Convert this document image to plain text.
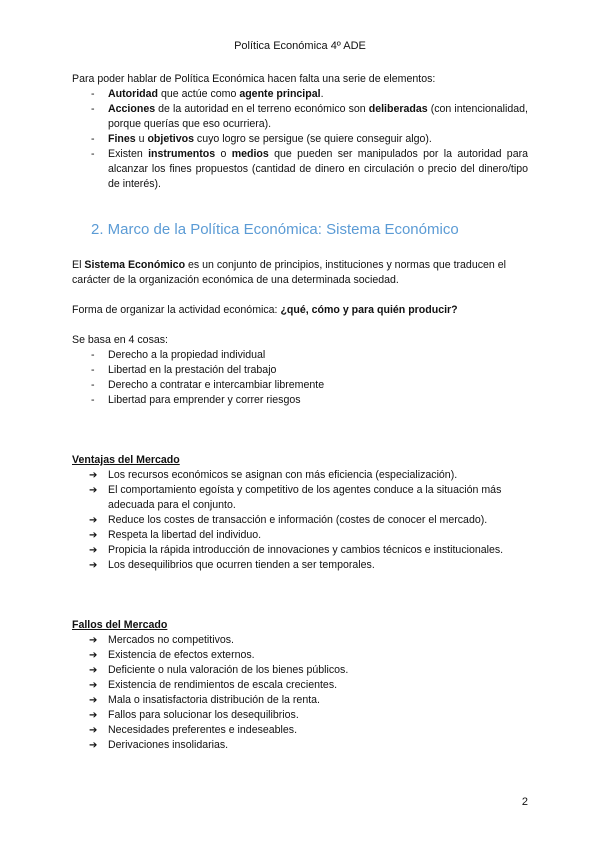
Política Económica 4º ADE

Para poder hablar de Política Económica hacen falta una serie de elementos:

- Autoridad que actúe como agente principal.
- Acciones de la autoridad en el terreno económico son deliberadas (con intencionalidad, porque querías que eso ocurriera).
- Fines u objetivos cuyo logro se persigue (se quiere conseguir algo).
- Existen instrumentos o medios que pueden ser manipulados por la autoridad para alcanzar los fines propuestos (cantidad de dinero en circulación o precio del dinero/tipo de interés).
2. Marco de la Política Económica: Sistema Económico

El Sistema Económico es un conjunto de principios, instituciones y normas que traducen el carácter de la organización económica de una determinada sociedad.

Forma de organizar la actividad económica: ¿qué, cómo y para quién producir?

Se basa en 4 cosas:

- Derecho a la propiedad individual
- Libertad en la prestación del trabajo
- Derecho a contratar e intercambiar libremente
- Libertad para emprender y correr riesgos
Ventajas del Mercado
➔ Los recursos económicos se asignan con más eficiencia (especialización).
➔ El comportamiento egoísta y competitivo de los agentes conduce a la situación más adecuada para el conjunto.
➔ Reduce los costes de transacción e información (costes de conocer el mercado).
➔ Respeta la libertad del individuo.
➔ Propicia la rápida introducción de innovaciones y cambios técnicos e institucionales.
➔ Los desequilibrios que ocurren tienden a ser temporales.
Fallos del Mercado
➔ Mercados no competitivos.
➔ Existencia de efectos externos.
➔ Deficiente o nula valoración de los bienes públicos.
➔ Existencia de rendimientos de escala crecientes.
➔ Mala o insatisfactoria distribución de la renta.
➔ Fallos para solucionar los desequilibrios.
➔ Necesidades preferentes e indeseables.
➔ Derivaciones insolidarias.
2
